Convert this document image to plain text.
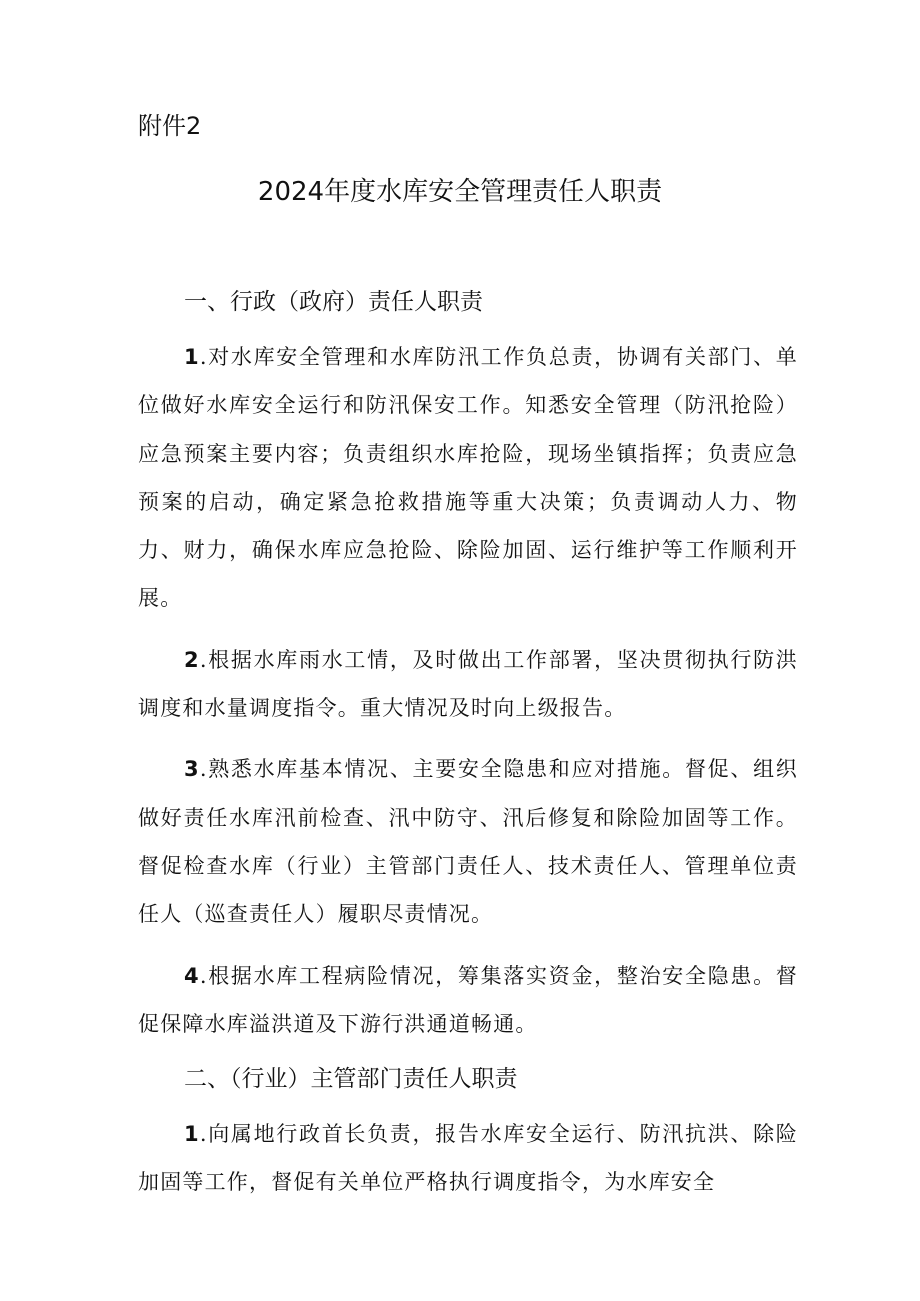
附件2
2024年度水库安全管理责任人职责
一、行政（政府）责任人职责

1.对水库安全管理和水库防汛工作负总责，协调有关部门、单位做好水库安全运行和防汛保安工作。知悉安全管理（防汛抢险）应急预案主要内容；负责组织水库抢险，现场坐镇指挥；负责应急预案的启动，确定紧急抢救措施等重大决策；负责调动人力、物力、财力，确保水库应急抢险、除险加固、运行维护等工作顺利开展。

2.根据水库雨水工情，及时做出工作部署，坚决贯彻执行防洪调度和水量调度指令。重大情况及时向上级报告。

3.熟悉水库基本情况、主要安全隐患和应对措施。督促、组织做好责任水库汛前检查、汛中防守、汛后修复和除险加固等工作。督促检查水库（行业）主管部门责任人、技术责任人、管理单位责任人（巡查责任人）履职尽责情况。

4.根据水库工程病险情况，筹集落实资金，整治安全隐患。督促保障水库溢洪道及下游行洪通道畅通。

二、（行业）主管部门责任人职责

1.向属地行政首长负责，报告水库安全运行、防汛抗洪、除险加固等工作，督促有关单位严格执行调度指令，为水库安全
